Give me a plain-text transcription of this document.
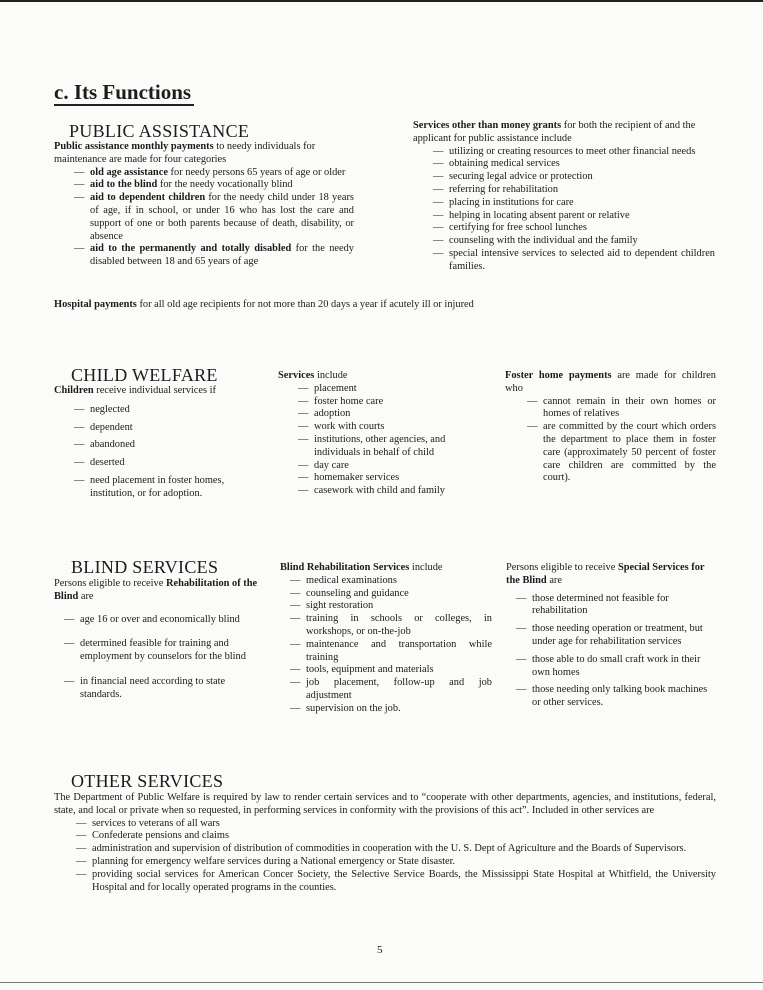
c. Its Functions
PUBLIC ASSISTANCE

Public assistance monthly payments to needy individuals for maintenance are made for four categories

— old age assistance for needy persons 65 years of age or older
— aid to the blind for the needy vocationally blind
— aid to dependent children for the needy child under 18 years of age, if in school, or under 16 who has lost the care and support of one or both parents because of death, disability, or absence
— aid to the permanently and totally disabled for the needy disabled between 18 and 65 years of age

Services other than money grants for both the recipient of and the applicant for public assistance include

— utilizing or creating resources to meet other financial needs
— obtaining medical services
— securing legal advice or protection
— referring for rehabilitation
— placing in institutions for care
— helping in locating absent parent or relative
— certifying for free school lunches
— counseling with the individual and the family
— special intensive services to selected aid to dependent children families.

Hospital payments for all old age recipients for not more than 20 days a year if acutely ill or injured

CHILD WELFARE

Children receive individual services if

— neglected
— dependent
— abandoned
— deserted
— need placement in foster homes, institution, or for adoption.

Services include

— placement
— foster home care
— adoption
— work with courts
— institutions, other agencies, and individuals in behalf of child
— day care
— homemaker services
— casework with child and family

Foster home payments are made for children who

— cannot remain in their own homes or homes of relatives
— are committed by the court which orders the department to place them in foster care (approximately 50 percent of foster care children are committed by the court).
BLIND SERVICES

Persons eligible to receive Rehabilitation of the Blind are

— age 16 or over and economically blind
— determined feasible for training and employment by counselors for the blind
— in financial need according to state standards.

Blind Rehabilitation Services include

— medical examinations
— counseling and guidance
— sight restoration
— training in schools or colleges, in workshops, or on-the-job
— maintenance and transportation while training
— tools, equipment and materials
— job placement, follow-up and job adjustment
— supervision on the job.

Persons eligible to receive Special Services for the Blind are

— those determined not feasible for rehabilitation
— those needing operation or treatment, but under age for rehabilitation services
— those able to do small craft work in their own homes
— those needing only talking book machines or other services.
OTHER SERVICES

The Department of Public Welfare is required by law to render certain services and to “cooperate with other departments, agencies, and institutions, federal, state, and local or private when so requested, in performing services in conformity with the provisions of this act”. Included in other services are

— services to veterans of all wars
— Confederate pensions and claims
— administration and supervision of distribution of commodities in cooperation with the U. S. Dept of Agriculture and the Boards of Supervisors.
— planning for emergency welfare services during a National emergency or State disaster.
— providing social services for American Concer Society, the Selective Service Boards, the Mississippi State Hospital at Whitfield, the University Hospital and for locally operated programs in the counties.
5
